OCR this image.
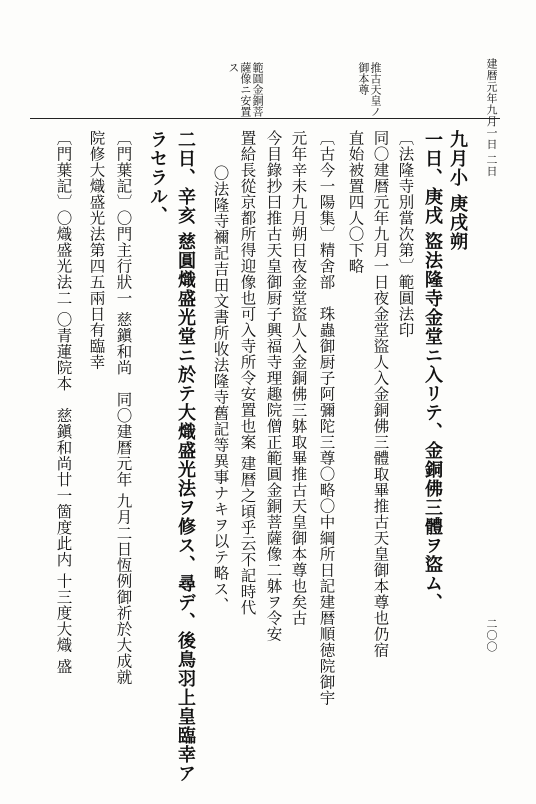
建暦元年九月一日 二日
二〇〇
推古天皇ノ御本尊
範圓金銅菩薩像ニ安置ス
九月小 庚戌朔
一日、庚戌 盜法隆寺金堂ニ入リテ、金銅佛三體ヲ盜ム、
〔法隆寺別當次第〕範圓法印
同〇建暦元年九月一日夜金堂盜人入金銅佛三體取畢推古天皇御本尊也仍宿
直始被置四人〇下略
〔古今一陽集〕精舍部　珠蟲御厨子阿彌陀三尊〇略〇中綱所日記建暦順徳院御宇
元年辛未九月朔日夜金堂盜人入金銅佛三躰取畢推古天皇御本尊也矣古
今目錄抄曰推古天皇御厨子興福寺理趣院僧正範圓金銅菩薩像二躰ヲ令安
置給長從京都所得迎像也可入寺所令安置也案 建暦之頃乎云不記時代
〇法隆寺禰記吉田文書所收法隆寺舊記等異事ナキヲ以テ略ス、
二日、辛亥 慈圓熾盛光堂ニ於テ大熾盛光法ヲ修ス、尋デ、後鳥羽上皇臨幸ア
ラセラル、
〔門葉記〕〇門主行狀一 慈鎭和尚　同〇建暦元年 九月二日恆例御祈於大成就
院修大熾盛光法第四五兩日有臨幸
〔門葉記〕〇熾盛光法二 〇青蓮院本　慈鎭和尚廿一箇度此内 十三度大熾 盛
